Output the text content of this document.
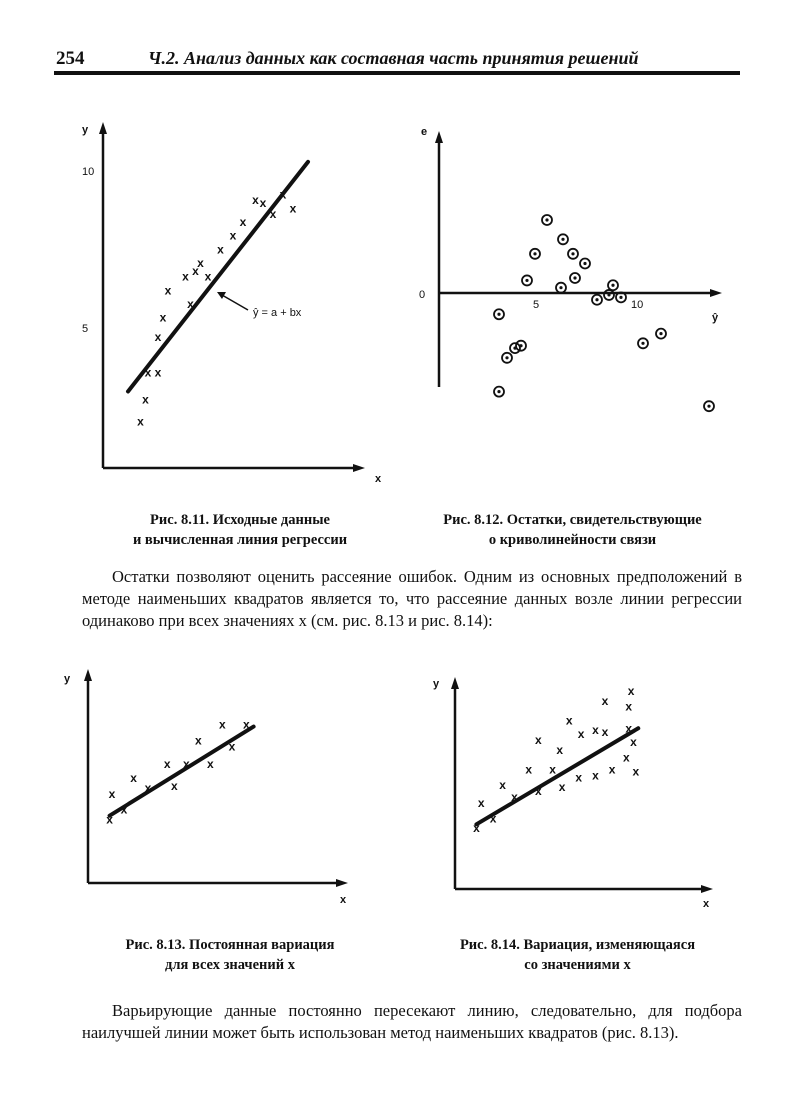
254	Ч.2. Анализ данных как составная часть принятия решений
y
x
10
5
ŷ = a + bx
x
x
x
x
x
x
x
x x
x
x
x
x
x
x x
x
x
x
x
e
ŷ
0
5	10
Рис. 8.11. Исходные данные
и вычисленная линия регрессии
Рис. 8.12. Остатки, свидетельствующие
о криволинейности связи
Остатки позволяют оценить рассеяние ошибок. Одним из основных предположений в методе наименьших квадратов является то, что рассеяние данных возле линии регрессии одинаково при всех значениях x (см. рис. 8.13 и рис. 8.14):
y
x
x
x
x
x
x
x
x
x
x
x
x
x
x
y
x
x
x
x
x
x
x
x
x
x
x
x
x
x
x x
x
x
x
x
x
x
x
x
x
x
Рис. 8.13. Постоянная вариация
для всех значений x
Рис. 8.14. Вариация, изменяющаяся
со значениями x
Варьирующие данные постоянно пересекают линию, следовательно, для подбора наилучшей линии может быть использован метод наименьших квадратов (рис. 8.13).
